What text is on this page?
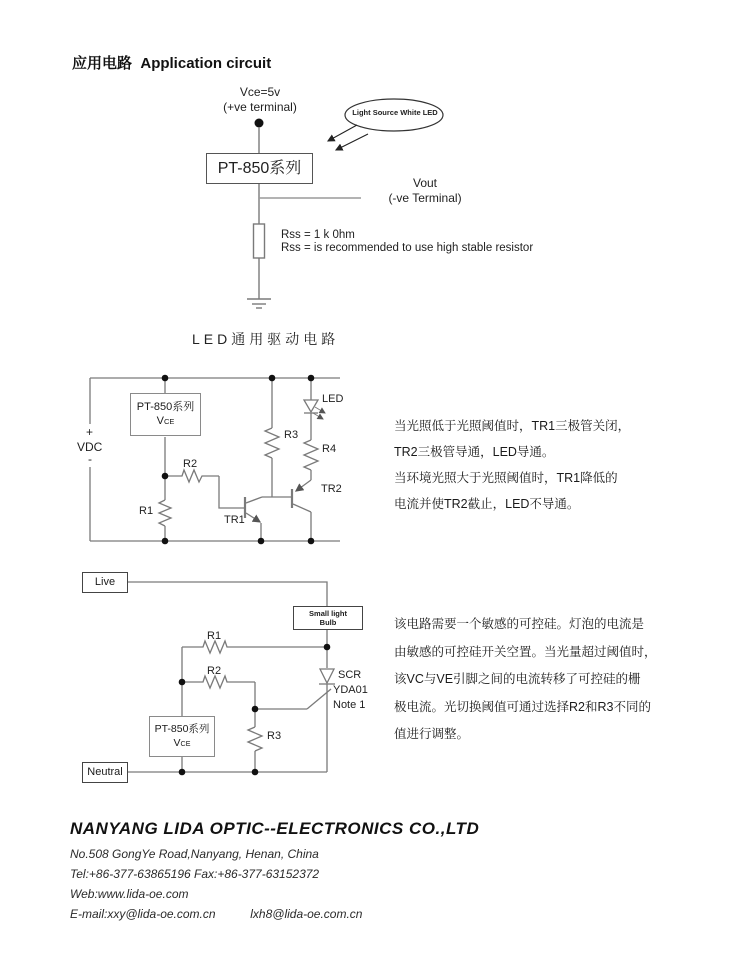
应用电路 Application circuit
Vce=5v
(+ve terminal)
PT-850系列
Light Source White LED
Vout
(-ve Terminal)
Rss = 1 k 0hm
Rss = is recommended to use high stable resistor
LED通用驱动电路
PT-850系列
VCE
+
VDC
-	R2
R1
R3
R4
LED
TR1
TR2
当光照低于光照阈值时，TR1三极管关闭，
TR2三极管导通，LED导通。
当环境光照大于光照阈值时，TR1降低的
电流并使TR2截止，LED不导通。
Live
Small light
Bulb
R1
R2
R3
SCR
YDA01
Note 1
PT-850系列
VCE
Neutral
该电路需要一个敏感的可控硅。灯泡的电流是
由敏感的可控硅开关空置。当光量超过阈值时，
该VC与VE引脚之间的电流转移了可控硅的栅
极电流。光切换阈值可通过选择R2和R3不同的
值进行调整。
NANYANG LIDA OPTIC--ELECTRONICS CO.,LTD
No.508 GongYe Road,Nanyang, Henan, China
Tel:+86-377-63865196 Fax:+86-377-63152372
Web:www.lida-oe.com
E-mail:xxy@lida-oe.com.cn	lxh8@lida-oe.com.cn
